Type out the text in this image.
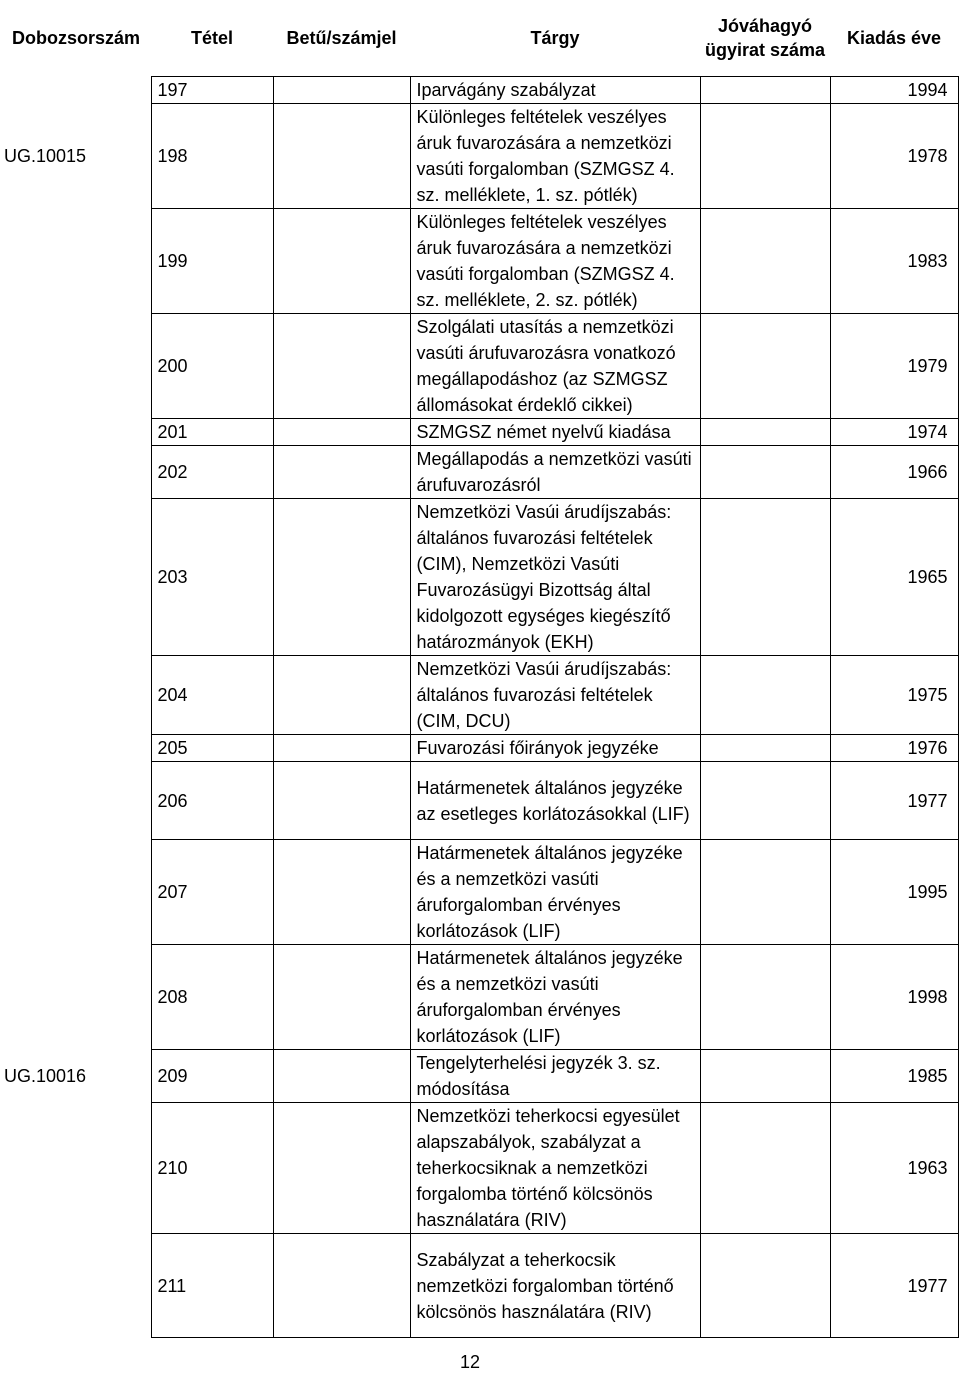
Dobozsorszám	Tétel	Betű/számjel	Tárgy	Jóváhagyó
ügyirat száma	Kiadás éve
	197		Iparvágány szabályzat		1994
UG.10015	198		Különleges feltételek veszélyes áruk fuvarozására a nemzetközi vasúti forgalomban (SZMGSZ 4. sz. melléklete, 1. sz. pótlék)		1978
	199		Különleges feltételek veszélyes áruk fuvarozására a nemzetközi vasúti forgalomban (SZMGSZ 4. sz. melléklete, 2. sz. pótlék)		1983
	200		Szolgálati utasítás a nemzetközi vasúti árufuvarozásra vonatkozó megállapodáshoz (az SZMGSZ állomásokat érdeklő cikkei)		1979
	201		SZMGSZ német nyelvű kiadása		1974
	202		Megállapodás a nemzetközi vasúti árufuvarozásról		1966
	203		Nemzetközi Vasúi árudíjszabás: általános fuvarozási feltételek (CIM), Nemzetközi Vasúti Fuvarozásügyi Bizottság által kidolgozott egységes kiegészítő határozmányok (EKH)		1965
	204		Nemzetközi Vasúi árudíjszabás: általános fuvarozási feltételek (CIM, DCU)		1975
	205		Fuvarozási főirányok jegyzéke		1976
	206		Határmenetek általános jegyzéke az esetleges korlátozásokkal (LIF)		1977
	207		Határmenetek általános jegyzéke és a nemzetközi vasúti áruforgalomban érvényes korlátozások (LIF)		1995
	208		Határmenetek általános jegyzéke és a nemzetközi vasúti áruforgalomban érvényes korlátozások (LIF)		1998
UG.10016	209		Tengelyterhelési jegyzék 3. sz. módosítása		1985
	210		Nemzetközi teherkocsi egyesület alapszabályok, szabályzat a teherkocsiknak a nemzetközi forgalomba történő kölcsönös használatára (RIV)		1963
	211		Szabályzat a teherkocsik nemzetközi forgalomban történő kölcsönös használatára (RIV)		1977
12
